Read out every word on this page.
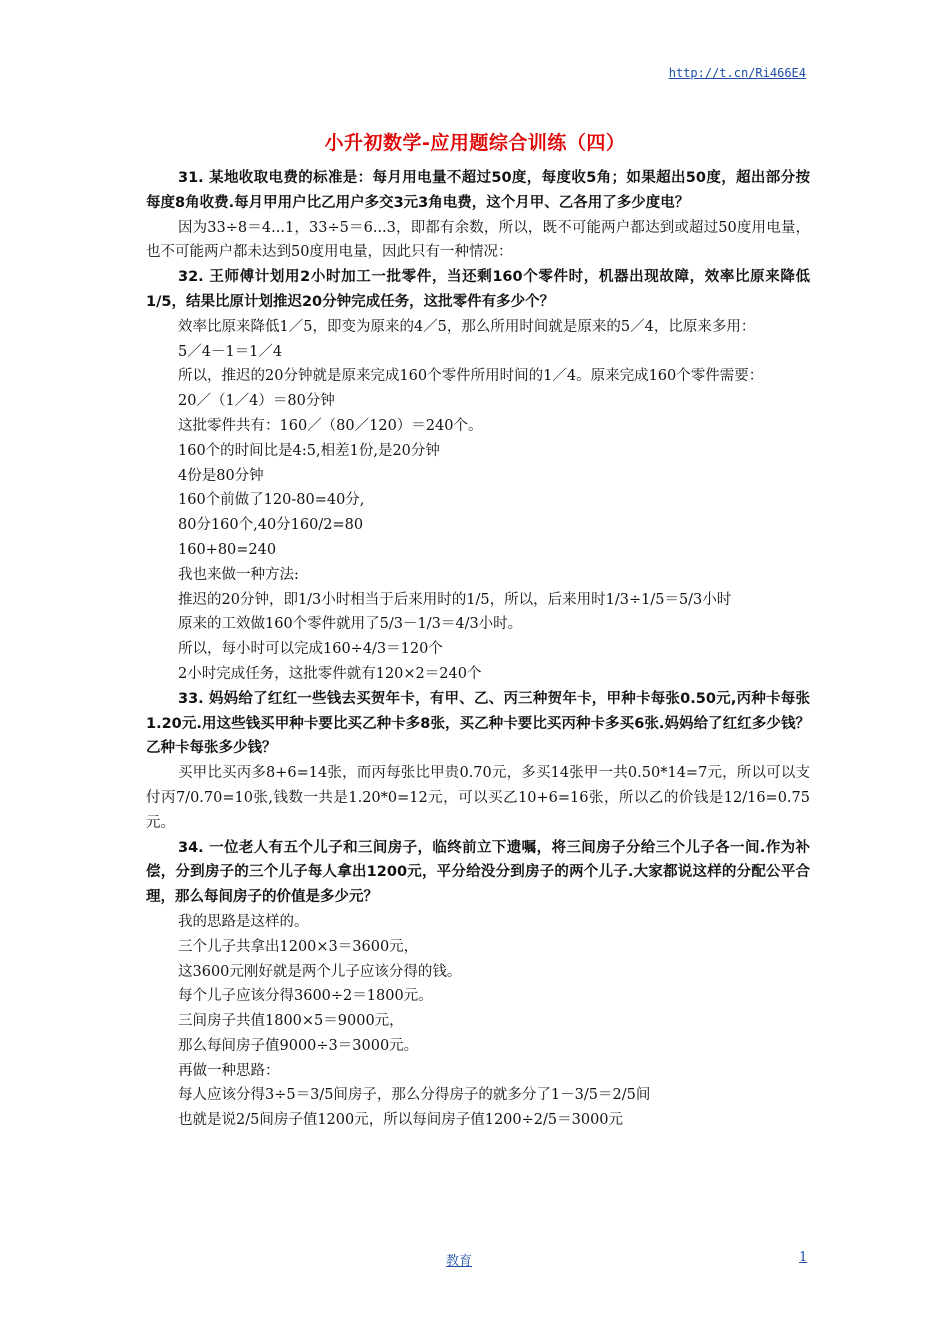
http://t.cn/Ri466E4
小升初数学-应用题综合训练（四）

31. 某地收取电费的标准是：每月用电量不超过50度，每度收5角；如果超出50度，超出部分按每度8角收费.每月甲用户比乙用户多交3元3角电费，这个月甲、乙各用了多少度电？

因为33÷8＝4...1，33÷5＝6...3，即都有余数，所以，既不可能两户都达到或超过50度用电量，也不可能两户都未达到50度用电量，因此只有一种情况：

32. 王师傅计划用2小时加工一批零件，当还剩160个零件时，机器出现故障，效率比原来降低1/5，结果比原计划推迟20分钟完成任务，这批零件有多少个？

效率比原来降低1／5，即变为原来的4／5，那么所用时间就是原来的5／4，比原来多用：

5／4－1＝1／4

所以，推迟的20分钟就是原来完成160个零件所用时间的1／4。原来完成160个零件需要：

20／（1／4）＝80分钟

这批零件共有：160／（80／120）＝240个。

160个的时间比是4:5,相差1份,是20分钟

4份是80分钟

160个前做了120-80=40分,

80分160个,40分160/2=80

160+80=240

我也来做一种方法:

推迟的20分钟，即1/3小时相当于后来用时的1/5，所以，后来用时1/3÷1/5＝5/3小时

原来的工效做160个零件就用了5/3－1/3＝4/3小时。

所以，每小时可以完成160÷4/3＝120个

2小时完成任务，这批零件就有120×2＝240个

33. 妈妈给了红红一些钱去买贺年卡，有甲、乙、丙三种贺年卡，甲种卡每张0.50元,丙种卡每张1.20元.用这些钱买甲种卡要比买乙种卡多8张，买乙种卡要比买丙种卡多买6张.妈妈给了红红多少钱？乙种卡每张多少钱？

买甲比买丙多8+6=14张，而丙每张比甲贵0.70元，多买14张甲一共0.50*14=7元，所以可以支付丙7/0.70=10张,钱数一共是1.20*0=12元，可以买乙10+6=16张，所以乙的价钱是12/16=0.75元。

34. 一位老人有五个儿子和三间房子，临终前立下遗嘱，将三间房子分给三个儿子各一间.作为补偿，分到房子的三个儿子每人拿出1200元，平分给没分到房子的两个儿子.大家都说这样的分配公平合理，那么每间房子的价值是多少元？

我的思路是这样的。

三个儿子共拿出1200×3＝3600元，

这3600元刚好就是两个儿子应该分得的钱。

每个儿子应该分得3600÷2＝1800元。

三间房子共值1800×5＝9000元，

那么每间房子值9000÷3＝3000元。

再做一种思路：

每人应该分得3÷5＝3/5间房子，那么分得房子的就多分了1－3/5＝2/5间

也就是说2/5间房子值1200元，所以每间房子值1200÷2/5＝3000元

教育	1
